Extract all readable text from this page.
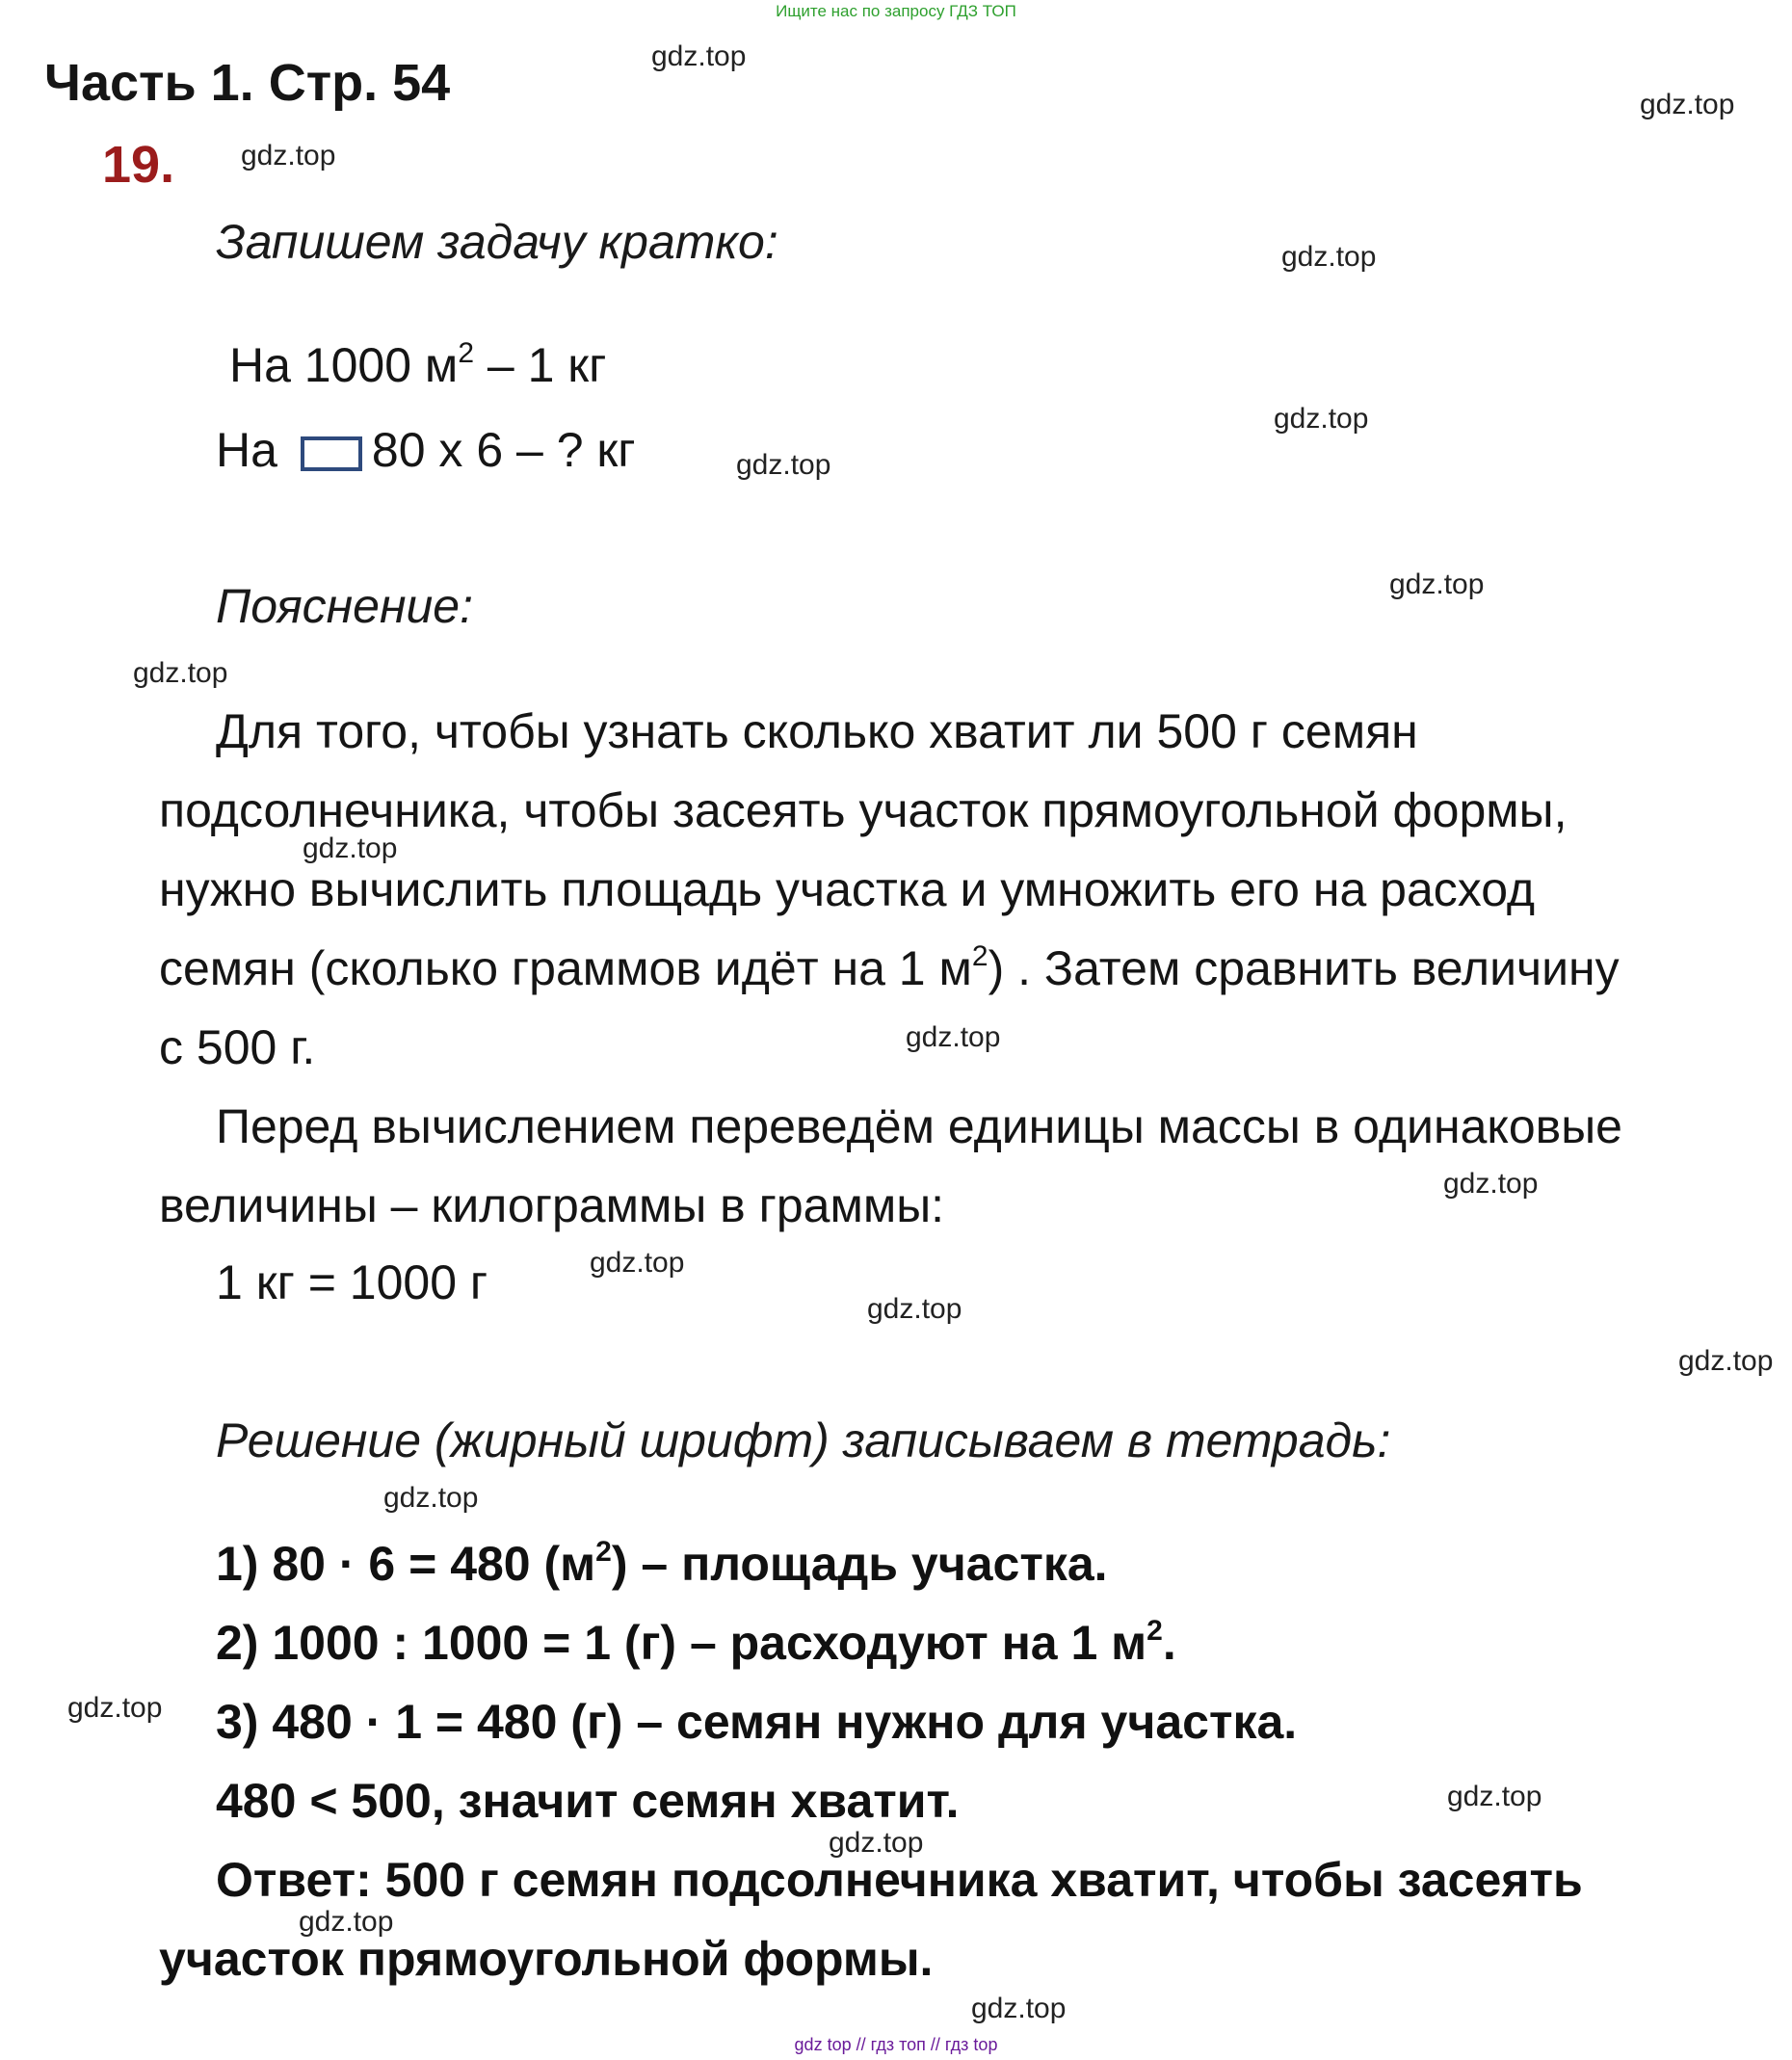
Ищите нас по запросу ГДЗ ТОП
Часть 1. Стр. 54
19.
Запишем задачу кратко:
На 1000 $м^2 - 1$ кг
На 80 х 6 – ? кг
Пояснение:
Для того, чтобы узнать сколько хватит ли 500 г семян
подсолнечника, чтобы засеять участок прямоугольной формы,
нужно вычислить площадь участка и умножить его на расход
семян (сколько граммов идёт на 1 $м^2$) . Затем сравнить величину
с 500 г.
Перед вычислением переведём единицы массы в одинаковые
величины – килограммы в граммы:
1 кг = 1000 г
Решение (жирный шрифт) записываем в тетрадь:
1) 80 · 6 = 480 $(м^2)$ – площадь участка.
2) 1000 : 1000 = 1 (г) – расходуют на 1 $м^2$.
3) 480 · 1 = 480 (г) – семян нужно для участка.
480 < 500, значит семян хватит.
Ответ: 500 г семян подсолнечника хватит, чтобы засеять
участок прямоугольной формы.
gdz.top
gdz.top
gdz.top
gdz.top
gdz.top
gdz.top
gdz.top
gdz.top
gdz.top
gdz.top
gdz.top
gdz.top
gdz.top
gdz.top
gdz.top
gdz.top
gdz.top
gdz.top
gdz.top
gdz.top
gdz top // гдз топ // гдз top
